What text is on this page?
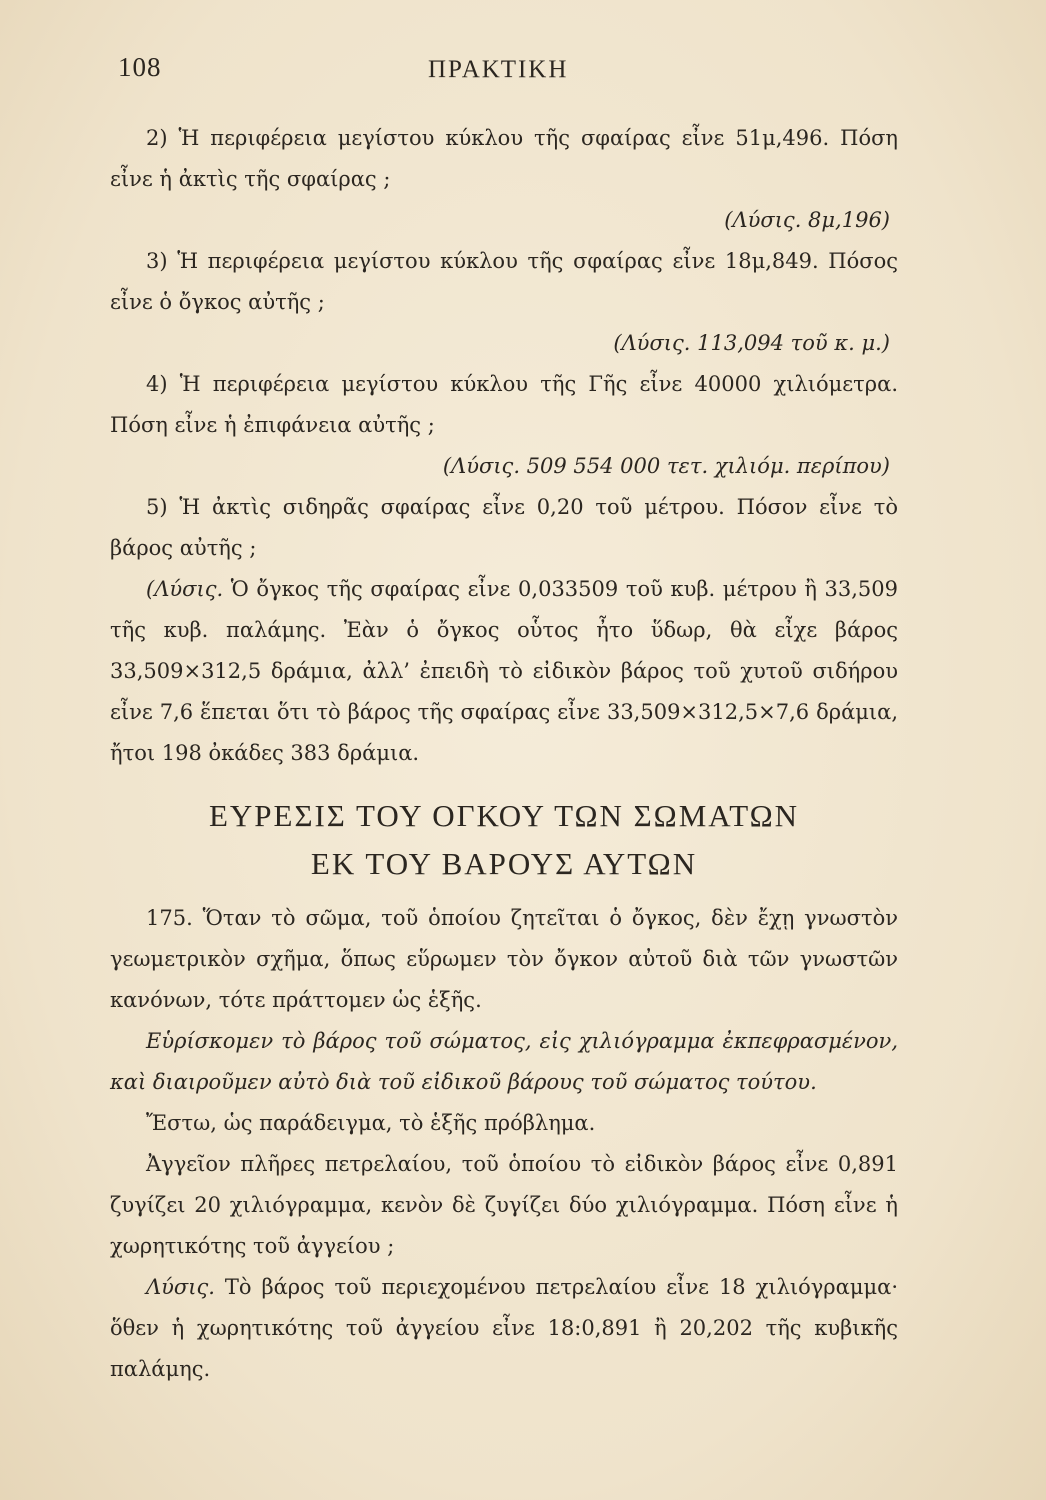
108	ΠΡΑΚΤΙΚΗ

2) Ἡ περιφέρεια μεγίστου κύκλου τῆς σφαίρας εἶνε 51μ,496. Πόση εἶνε ἡ ἀκτὶς τῆς σφαίρας ;

(Λύσις. 8μ,196)

3) Ἡ περιφέρεια μεγίστου κύκλου τῆς σφαίρας εἶνε 18μ,849. Πόσος εἶνε ὁ ὄγκος αὐτῆς ;

(Λύσις. 113,094 τοῦ κ. μ.)

4) Ἡ περιφέρεια μεγίστου κύκλου τῆς Γῆς εἶνε 40000 χιλιόμετρα. Πόση εἶνε ἡ ἐπιφάνεια αὐτῆς ;

(Λύσις. 509 554 000 τετ. χιλιόμ. περίπου)

5) Ἡ ἀκτὶς σιδηρᾶς σφαίρας εἶνε 0,20 τοῦ μέτρου. Πόσον εἶνε τὸ βάρος αὐτῆς ;

(Λύσις. Ὁ ὄγκος τῆς σφαίρας εἶνε 0,033509 τοῦ κυβ. μέτρου ἢ 33,509 τῆς κυβ. παλάμης. Ἐὰν ὁ ὄγκος οὗτος ἦτο ὕδωρ, θὰ εἶχε βάρος 33,509×312,5 δράμια, ἀλλ’ ἐπειδὴ τὸ εἰδικὸν βάρος τοῦ χυτοῦ σιδήρου εἶνε 7,6 ἕπεται ὅτι τὸ βάρος τῆς σφαίρας εἶνε 33,509×312,5×7,6 δράμια, ἤτοι 198 ὀκάδες 383 δράμια.

ΕΥΡΕΣΙΣ ΤΟΥ ΟΓΚΟΥ ΤΩΝ ΣΩΜΑΤΩΝ
ΕΚ ΤΟΥ ΒΑΡΟΥΣ ΑΥΤΩΝ

175. Ὅταν τὸ σῶμα, τοῦ ὁποίου ζητεῖται ὁ ὄγκος, δὲν ἔχῃ γνωστὸν γεωμετρικὸν σχῆμα, ὅπως εὕρωμεν τὸν ὄγκον αὐτοῦ διὰ τῶν γνωστῶν κανόνων, τότε πράττομεν ὡς ἑξῆς.

Εὑρίσκομεν τὸ βάρος τοῦ σώματος, εἰς χιλιόγραμμα ἐκπεφρασμένον, καὶ διαιροῦμεν αὐτὸ διὰ τοῦ εἰδικοῦ βάρους τοῦ σώματος τούτου.

Ἔστω, ὡς παράδειγμα, τὸ ἑξῆς πρόβλημα.

Ἀγγεῖον πλῆρες πετρελαίου, τοῦ ὁποίου τὸ εἰδικὸν βάρος εἶνε 0,891 ζυγίζει 20 χιλιόγραμμα, κενὸν δὲ ζυγίζει δύο χιλιόγραμμα. Πόση εἶνε ἡ χωρητικότης τοῦ ἀγγείου ;

Λύσις. Τὸ βάρος τοῦ περιεχομένου πετρελαίου εἶνε 18 χιλιόγραμμα· ὅθεν ἡ χωρητικότης τοῦ ἀγγείου εἶνε 18:0,891 ἢ 20,202 τῆς κυβικῆς παλάμης.
